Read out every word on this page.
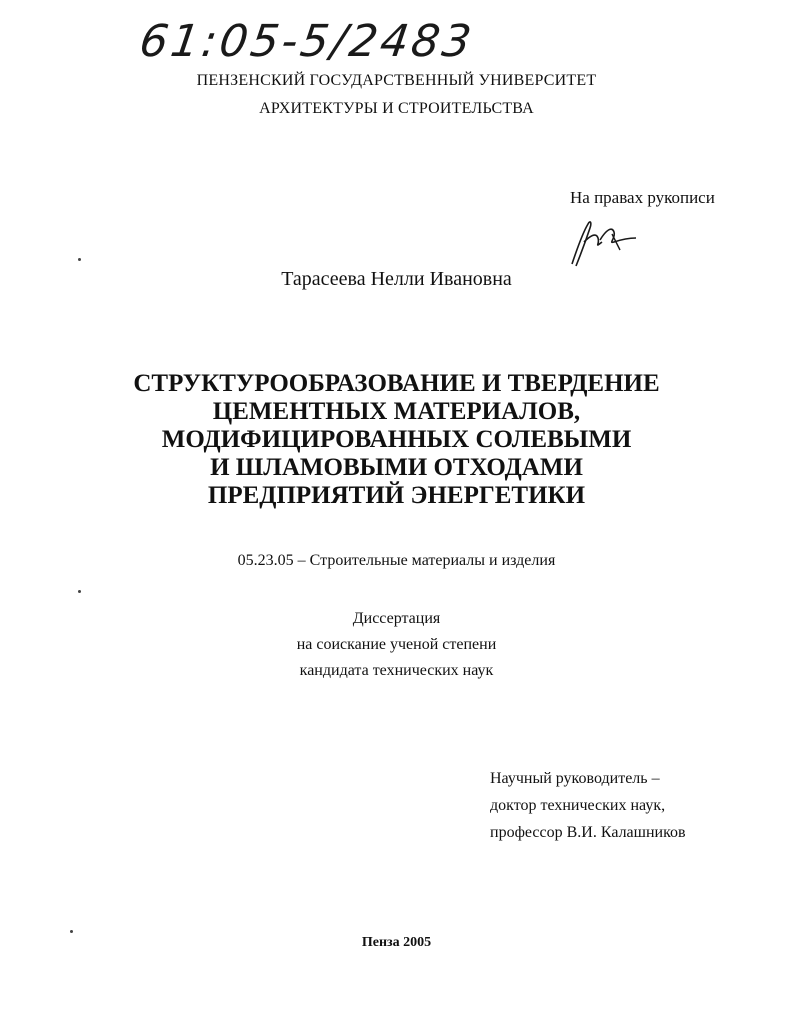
61:05-5/2483
ПЕНЗЕНСКИЙ ГОСУДАРСТВЕННЫЙ УНИВЕРСИТЕТ
АРХИТЕКТУРЫ И СТРОИТЕЛЬСТВА
На правах рукописи
Тарасеева Нелли Ивановна
СТРУКТУРООБРАЗОВАНИЕ И ТВЕРДЕНИЕ
ЦЕМЕНТНЫХ МАТЕРИАЛОВ,
МОДИФИЦИРОВАННЫХ СОЛЕВЫМИ
И ШЛАМОВЫМИ ОТХОДАМИ
ПРЕДПРИЯТИЙ ЭНЕРГЕТИКИ
05.23.05 – Строительные материалы и изделия
Диссертация
на соискание ученой степени
кандидата технических наук
Научный руководитель –
доктор технических наук,
профессор В.И. Калашников
Пенза 2005
